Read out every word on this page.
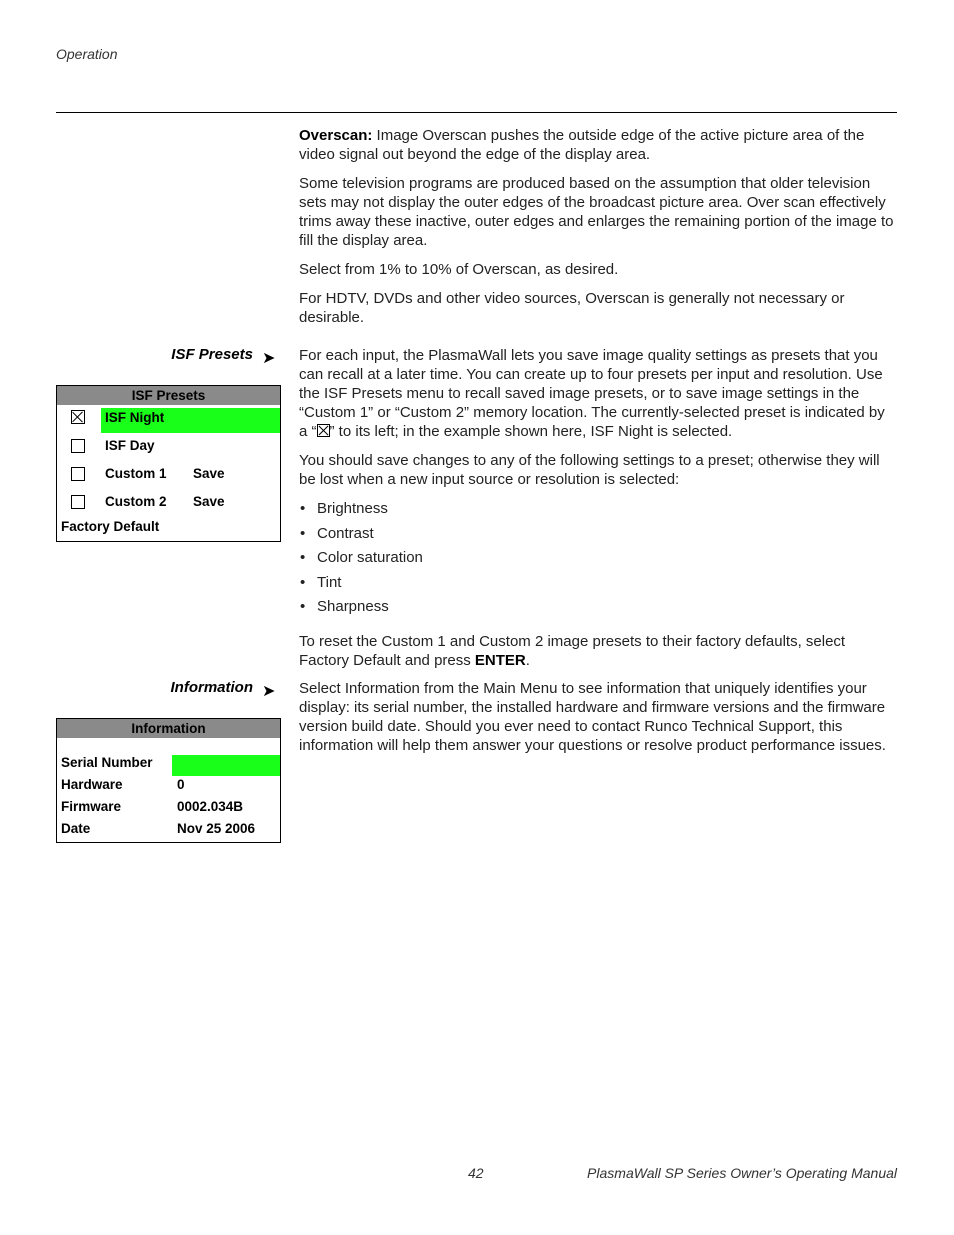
Operation

Overscan: Image Overscan pushes the outside edge of the active picture area of the video signal out beyond the edge of the display area.

Some television programs are produced based on the assumption that older television sets may not display the outer edges of the broadcast picture area. Over scan effectively trims away these inactive, outer edges and enlarges the remaining portion of the image to fill the display area.

Select from 1% to 10% of Overscan, as desired.

For HDTV, DVDs and other video sources, Overscan is generally not necessary or desirable.

ISF Presets ➤
ISF Presets
ISF Night
ISF Day
Custom 1 Save
Custom 2 Save
Factory Default

For each input, the PlasmaWall lets you save image quality settings as presets that you can recall at a later time. You can create up to four presets per input and resolution. Use the ISF Presets menu to recall saved image presets, or to save image settings in the “Custom 1” or “Custom 2” memory location. The currently-selected preset is indicated by a “ ” to its left; in the example shown here, ISF Night is selected.

You should save changes to any of the following settings to a preset; otherwise they will be lost when a new input source or resolution is selected:

• Brightness
• Contrast
• Color saturation
• Tint
• Sharpness

To reset the Custom 1 and Custom 2 image presets to their factory defaults, select Factory Default and press ENTER.

Information ➤
Information
Serial Number
Hardware	0
Firmware	0002.034B
Date	Nov 25 2006

Select Information from the Main Menu to see information that uniquely identifies your display: its serial number, the installed hardware and firmware versions and the firmware version build date. Should you ever need to contact Runco Technical Support, this information will help them answer your questions or resolve product performance issues.

42	PlasmaWall SP Series Owner’s Operating Manual
